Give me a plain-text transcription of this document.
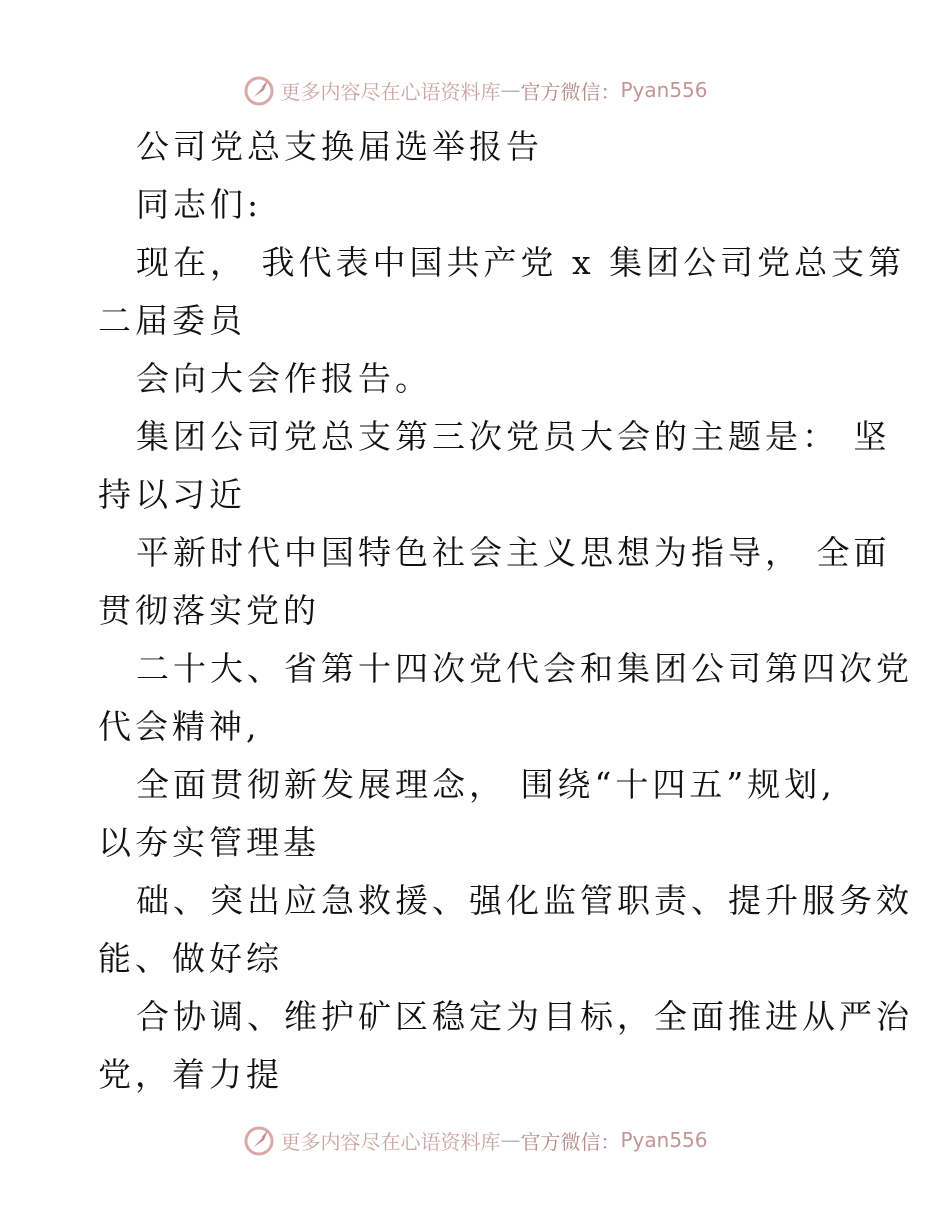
更多内容尽在心语资料库 — 官方微信： Pyan556
公司党总支换届选举报告
同志们:
现在， 我代表中国共产党 x 集团公司党总支第
二届委员
会向大会作报告。
集团公司党总支第三次党员大会的主题是： 坚
持以习近
平新时代中国特色社会主义思想为指导， 全面
贯彻落实党的
二十大、省第十四次党代会和集团公司第四次党
代会精神,
全面贯彻新发展理念， 围绕“十四五”规划,
以夯实管理基
础、突出应急救援、强化监管职责、提升服务效
能、做好综
合协调、维护矿区稳定为目标，全面推进从严治
党，着力提
更多内容尽在心语资料库 — 官方微信： Pyan556
